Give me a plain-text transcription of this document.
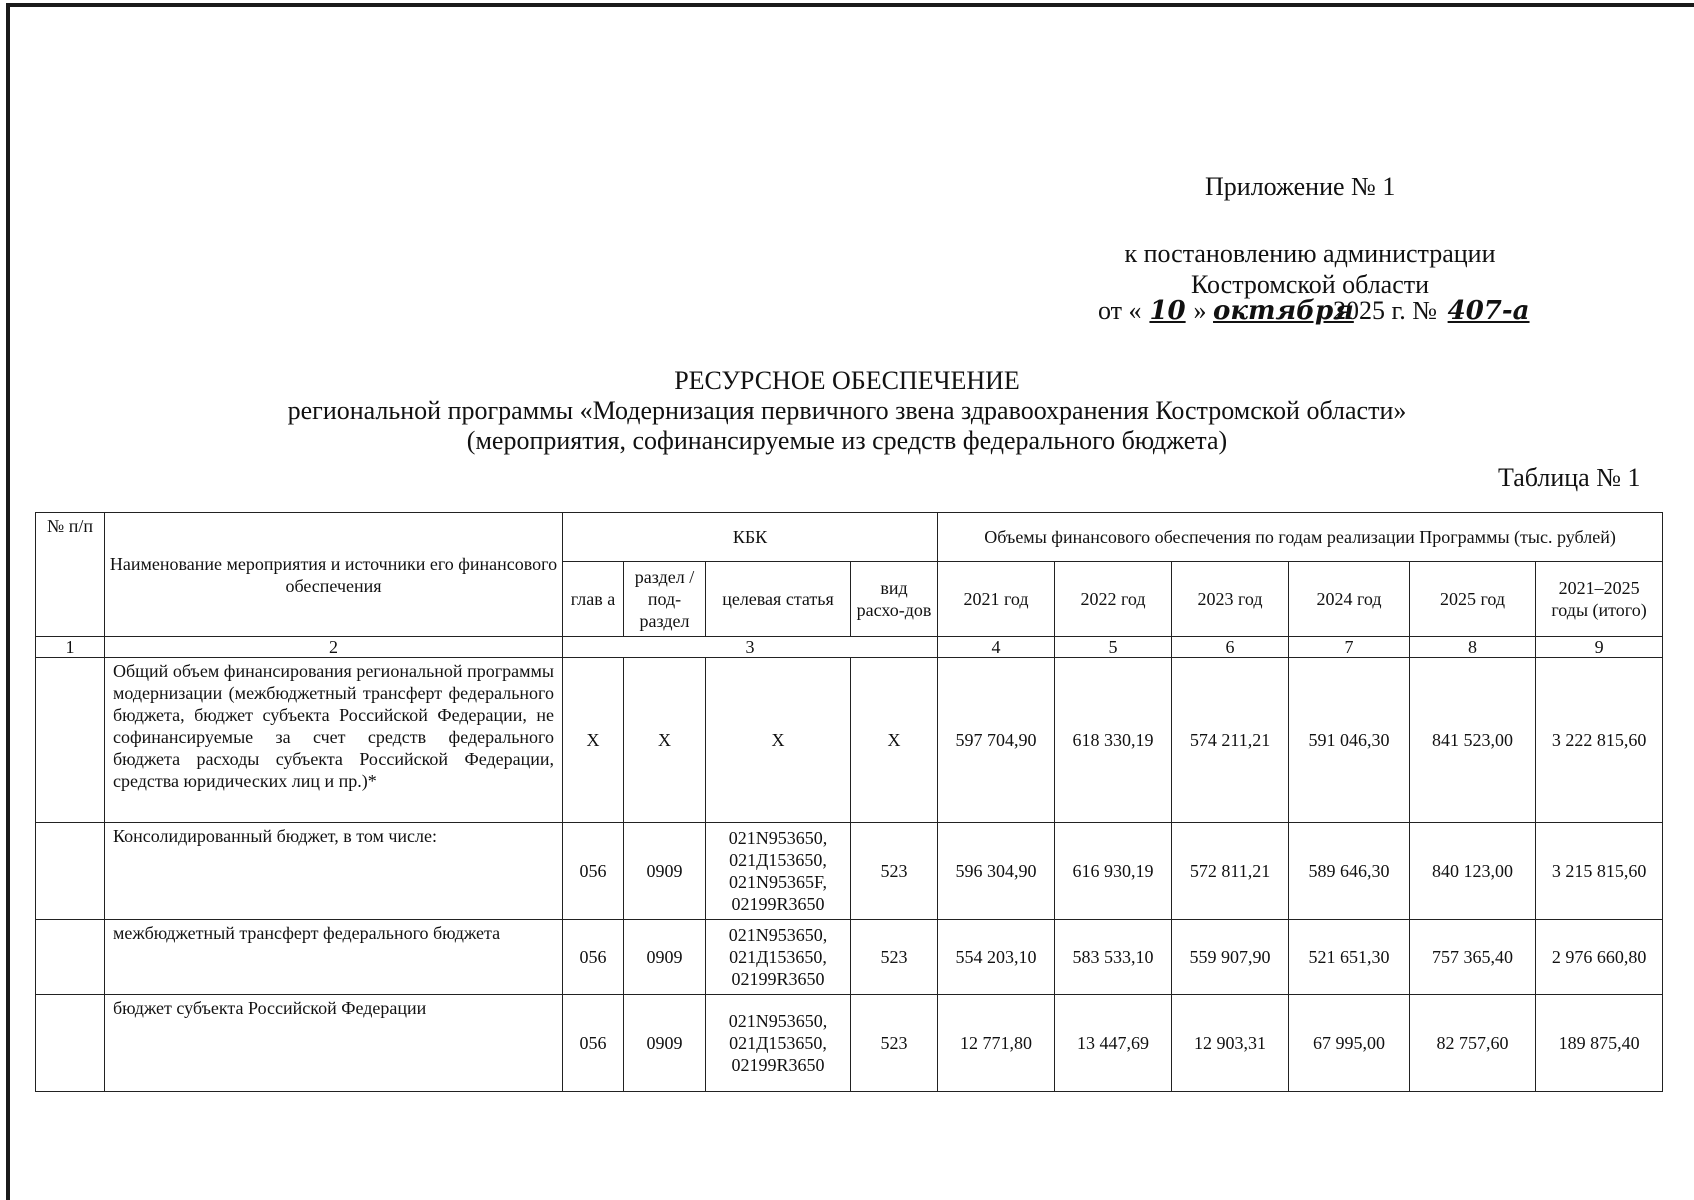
Приложение № 1
к постановлению администрации
Костромской области
от « 10 » октября2025 г. № 407-а
РЕСУРСНОЕ ОБЕСПЕЧЕНИЕ
региональной программы «Модернизация первичного звена здравоохранения Костромской области»
(мероприятия, софинансируемые из средств федерального бюджета)
Таблица № 1
№ п/п	Наименование мероприятия и источники его финансового обеспечения	КБК				Объемы финансового обеспечения по годам реализации Программы (тыс. рублей)					
		глав а	раздел /под-раздел	целевая статья	вид расхо-дов	2021 год	2022 год	2023 год	2024 год	2025 год	2021–2025 годы (итого)
1	2	3				4	5	6	7	8	9
	Общий объем финансирования региональной программы модернизации (межбюджетный трансферт федерального бюджета, бюджет субъекта Российской Федерации, не софинансируемые за счет средств федерального бюджета расходы субъекта Российской Федерации, средства юридических лиц и пр.)*	Х	Х	Х	Х	597 704,90	618 330,19	574 211,21	591 046,30	841 523,00	3 222 815,60
	Консолидированный бюджет, в том числе:	056	0909	021N953650, 021Д153650, 021N95365F, 02199R3650	523	596 304,90	616 930,19	572 811,21	589 646,30	840 123,00	3 215 815,60
	межбюджетный трансферт федерального бюджета	056	0909	021N953650, 021Д153650, 02199R3650	523	554 203,10	583 533,10	559 907,90	521 651,30	757 365,40	2 976 660,80
	бюджет субъекта Российской Федерации	056	0909	021N953650, 021Д153650, 02199R3650	523	12 771,80	13 447,69	12 903,31	67 995,00	82 757,60	189 875,40
